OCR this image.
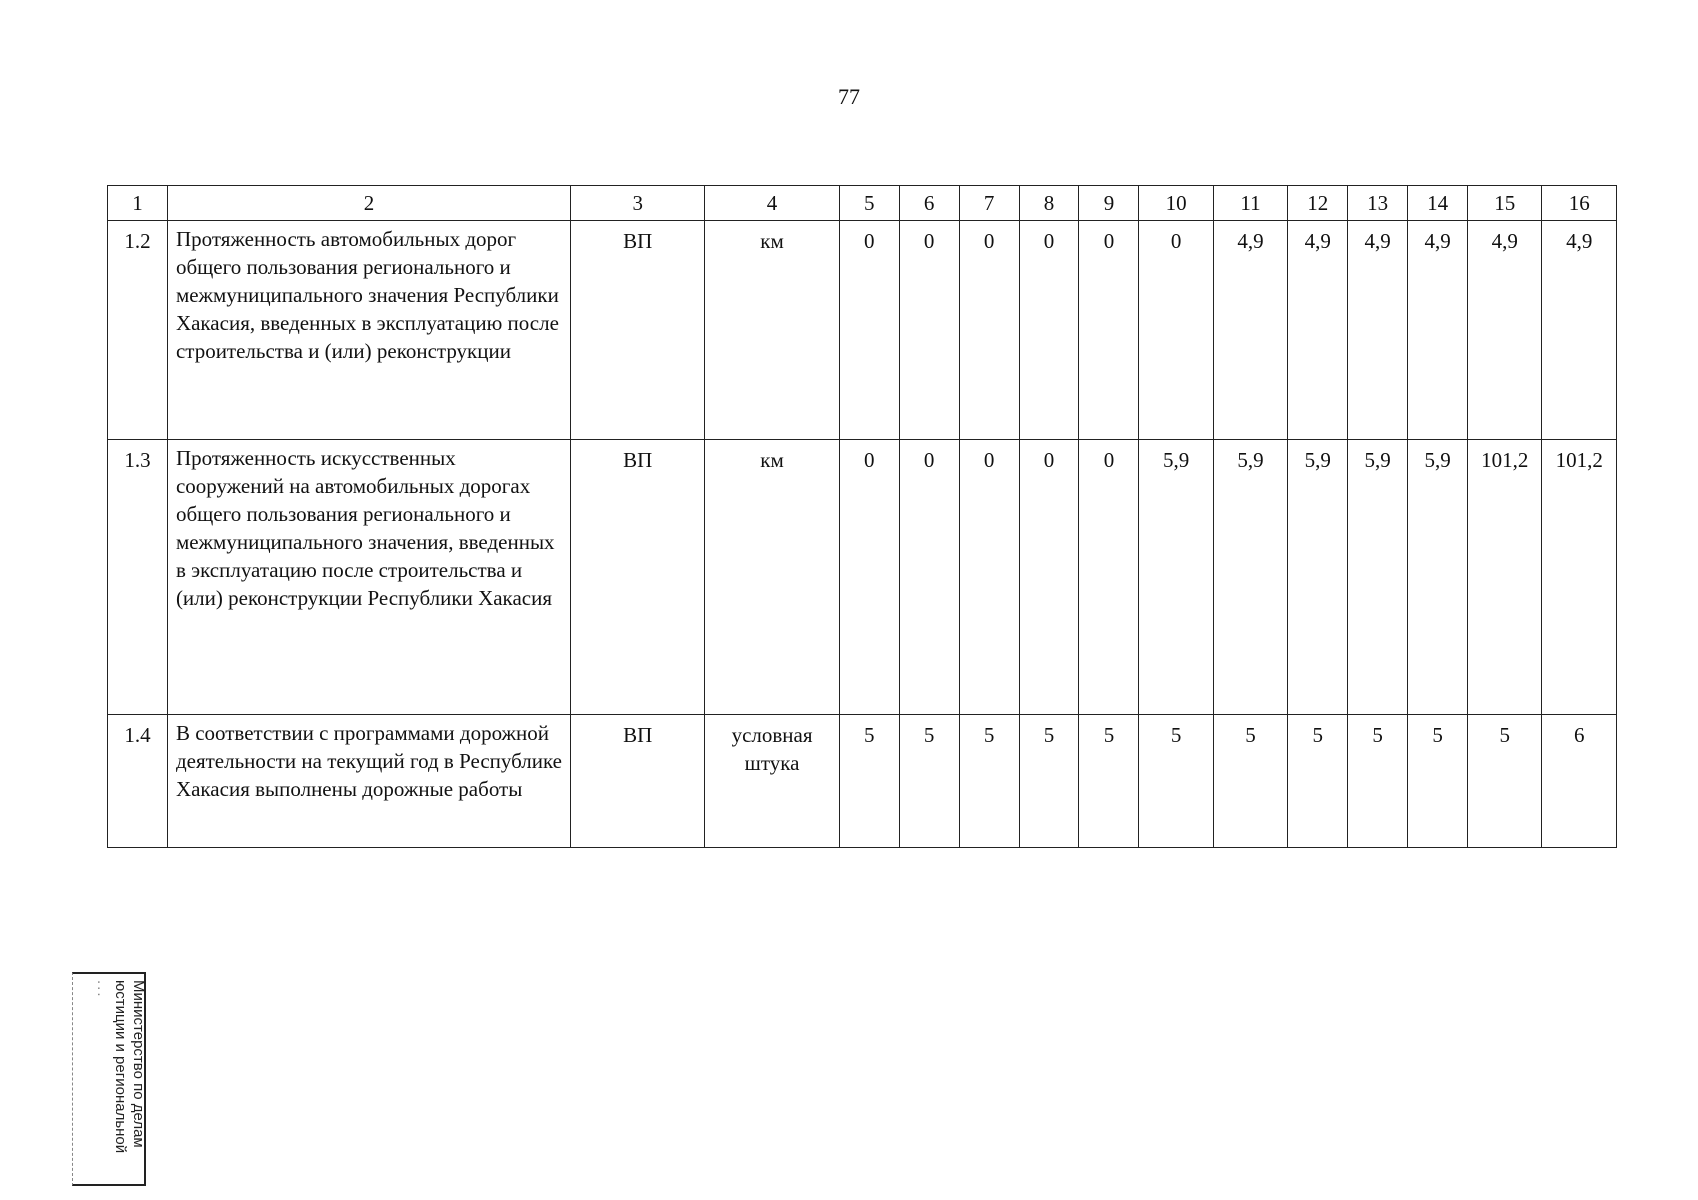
77
1	2	3	4	5	6	7	8	9	10	11	12	13	14	15	16
1.2	Протяженность автомобильных дорог общего пользования регионального и межмуниципального значения Республики Хакасия, введенных в эксплуатацию после строительства и (или) реконструкции	ВП	км	0	0	0	0	0	0	4,9	4,9	4,9	4,9	4,9	4,9
1.3	Протяженность искусственных сооружений на автомобильных дорогах общего пользования регионального и межмуниципального значения, введенных в эксплуатацию после строительства и (или) реконструкции Республики Хакасия	ВП	км	0	0	0	0	0	5,9	5,9	5,9	5,9	5,9	101,2	101,2
1.4	В соответствии с программами дорожной деятельности на текущий год в Республике Хакасия выполнены дорожные работы	ВП	условная штука	5	5	5	5	5	5	5	5	5	5	5	6
Министерство по делам
юстиции и региональной
...
